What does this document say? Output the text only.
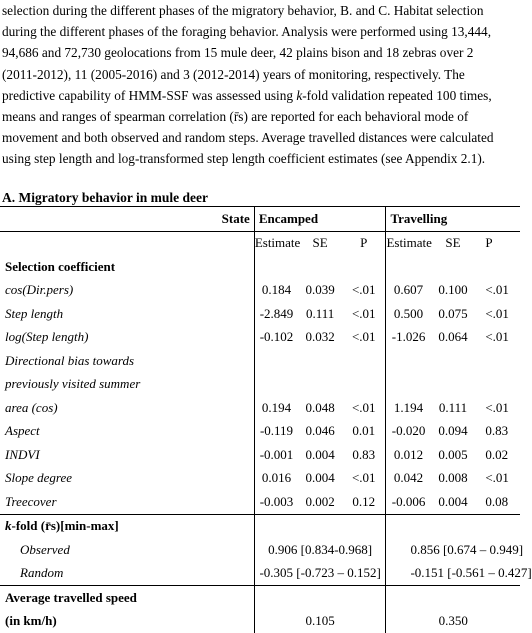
selection during the different phases of the migratory behavior, B. and C. Habitat selection
during the different phases of the foraging behavior. Analysis were performed using 13,444,
94,686 and 72,730 geolocations from 15 mule deer, 42 plains bison and 18 zebras over 2
(2011-2012), 11 (2005-2016) and 3 (2012-2014) years of monitoring, respectively. The
predictive capability of HMM-SSF was assessed using k-fold validation repeated 100 times,
means and ranges of spearman correlation (r̄s) are reported for each behavioral mode of
movement and both observed and random steps. Average travelled distances were calculated
using step length and log-transformed step length coefficient estimates (see Appendix 2.1).
A. Migratory behavior in mule deer
State	Encamped			Travelling		
	Estimate	SE	P	Estimate	SE	P
Selection coefficient						
cos(Dir.pers)	0.184	0.039	<.01	0.607	0.100	<.01
Step length	-2.849	0.111	<.01	0.500	0.075	<.01
log(Step length)	-0.102	0.032	<.01	-1.026	0.064	<.01
Directional bias towards						
previously visited summer						
area (cos)	0.194	0.048	<.01	1.194	0.111	<.01
Aspect	-0.119	0.046	0.01	-0.020	0.094	0.83
INDVI	-0.001	0.004	0.83	0.012	0.005	0.02
Slope degree	0.016	0.004	<.01	0.042	0.008	<.01
Treecover	-0.003	0.002	0.12	-0.006	0.004	0.08
k-fold (r̄s)[min-max]						
Observed	0.906 [0.834-0.968]			0.856 [0.674 – 0.949]		
Random	-0.305 [-0.723 – 0.152]			-0.151 [-0.561 – 0.427]		
Average travelled speed						
(in km/h)	0.105			0.350		
